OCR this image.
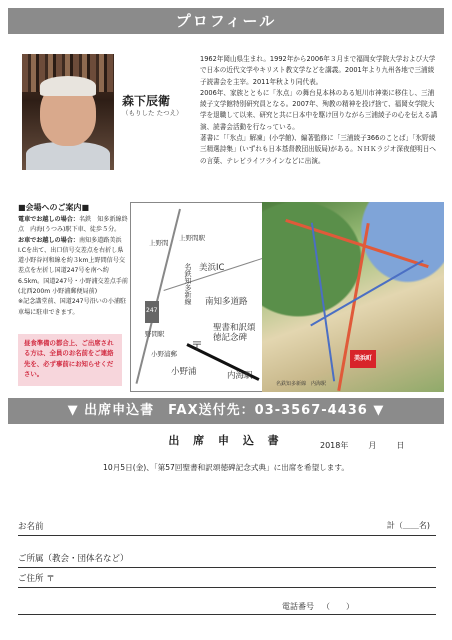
プロフィール
森下辰衛
（もりした たつえ）

1962年岡山県生まれ。1992年から2006年３月まで福岡女学院大学および大学で日本の近代文学やキリスト教文学などを講義。2001年より九州各地で三浦綾子読書会を主宰。2011年秋より同代表。

2006年、家族とともに「氷点」の舞台見本林のある旭川市神楽に移住し、三浦綾子文学館特別研究員となる。2007年、殉教の精神を投げ捨て、福岡女学院大学を退職して以来、研究と共に日本中を駆け回りながら三浦綾子の心を伝える講演、読書会活動を行なっている。

著書に「「氷点」解凍」(小学館)、編著監修に「三浦綾子366のことば」「氷野綾三精選詩集」(いずれも日本基督教団出版局)がある。ＮＨＫラジオ深夜便明日への言葉、テレビライフラインなどに出演。

■会場へのご案内■
電車でお越しの場合：名鉄　知多新線終点　内海(うつみ)駅下車、徒歩５分。
お車でお越しの場合：南知多道路美浜I.Cを出て、出口信号交差点を右折し県道小野谷河和線を約３km上野間信号交差点を左折し国道247号を南へ約6.5km。国道247号・小野浦交差点手前(北西200m 小野浦郵便局前)
※記念講堂前、国道247号沿いの小浦駐車場に駐車できます。
昼食準備の都合上、ご出席される方は、全員のお名前をご連絡先を、必ず事前にお知らせください。
247
上野間駅
上野間
美浜IC
南知多道路
聖書和訳頌徳記念碑
野間駅
小野浦郵
小野浦	内海駅
名鉄知多新線
〒
美浜町
名鉄知多新線　内海駅
▼ 出席申込書　FAX送付先：03-3567-4436 ▼
出 席 申 込 書	2018年	月	日
10月5日(金)、「第57回聖書和訳頌徳碑記念式典」に出席を希望します。
お名前	計（＿＿名)
ご所属（教会・団体名など）
ご住所 〒
電話番号 （　　）
